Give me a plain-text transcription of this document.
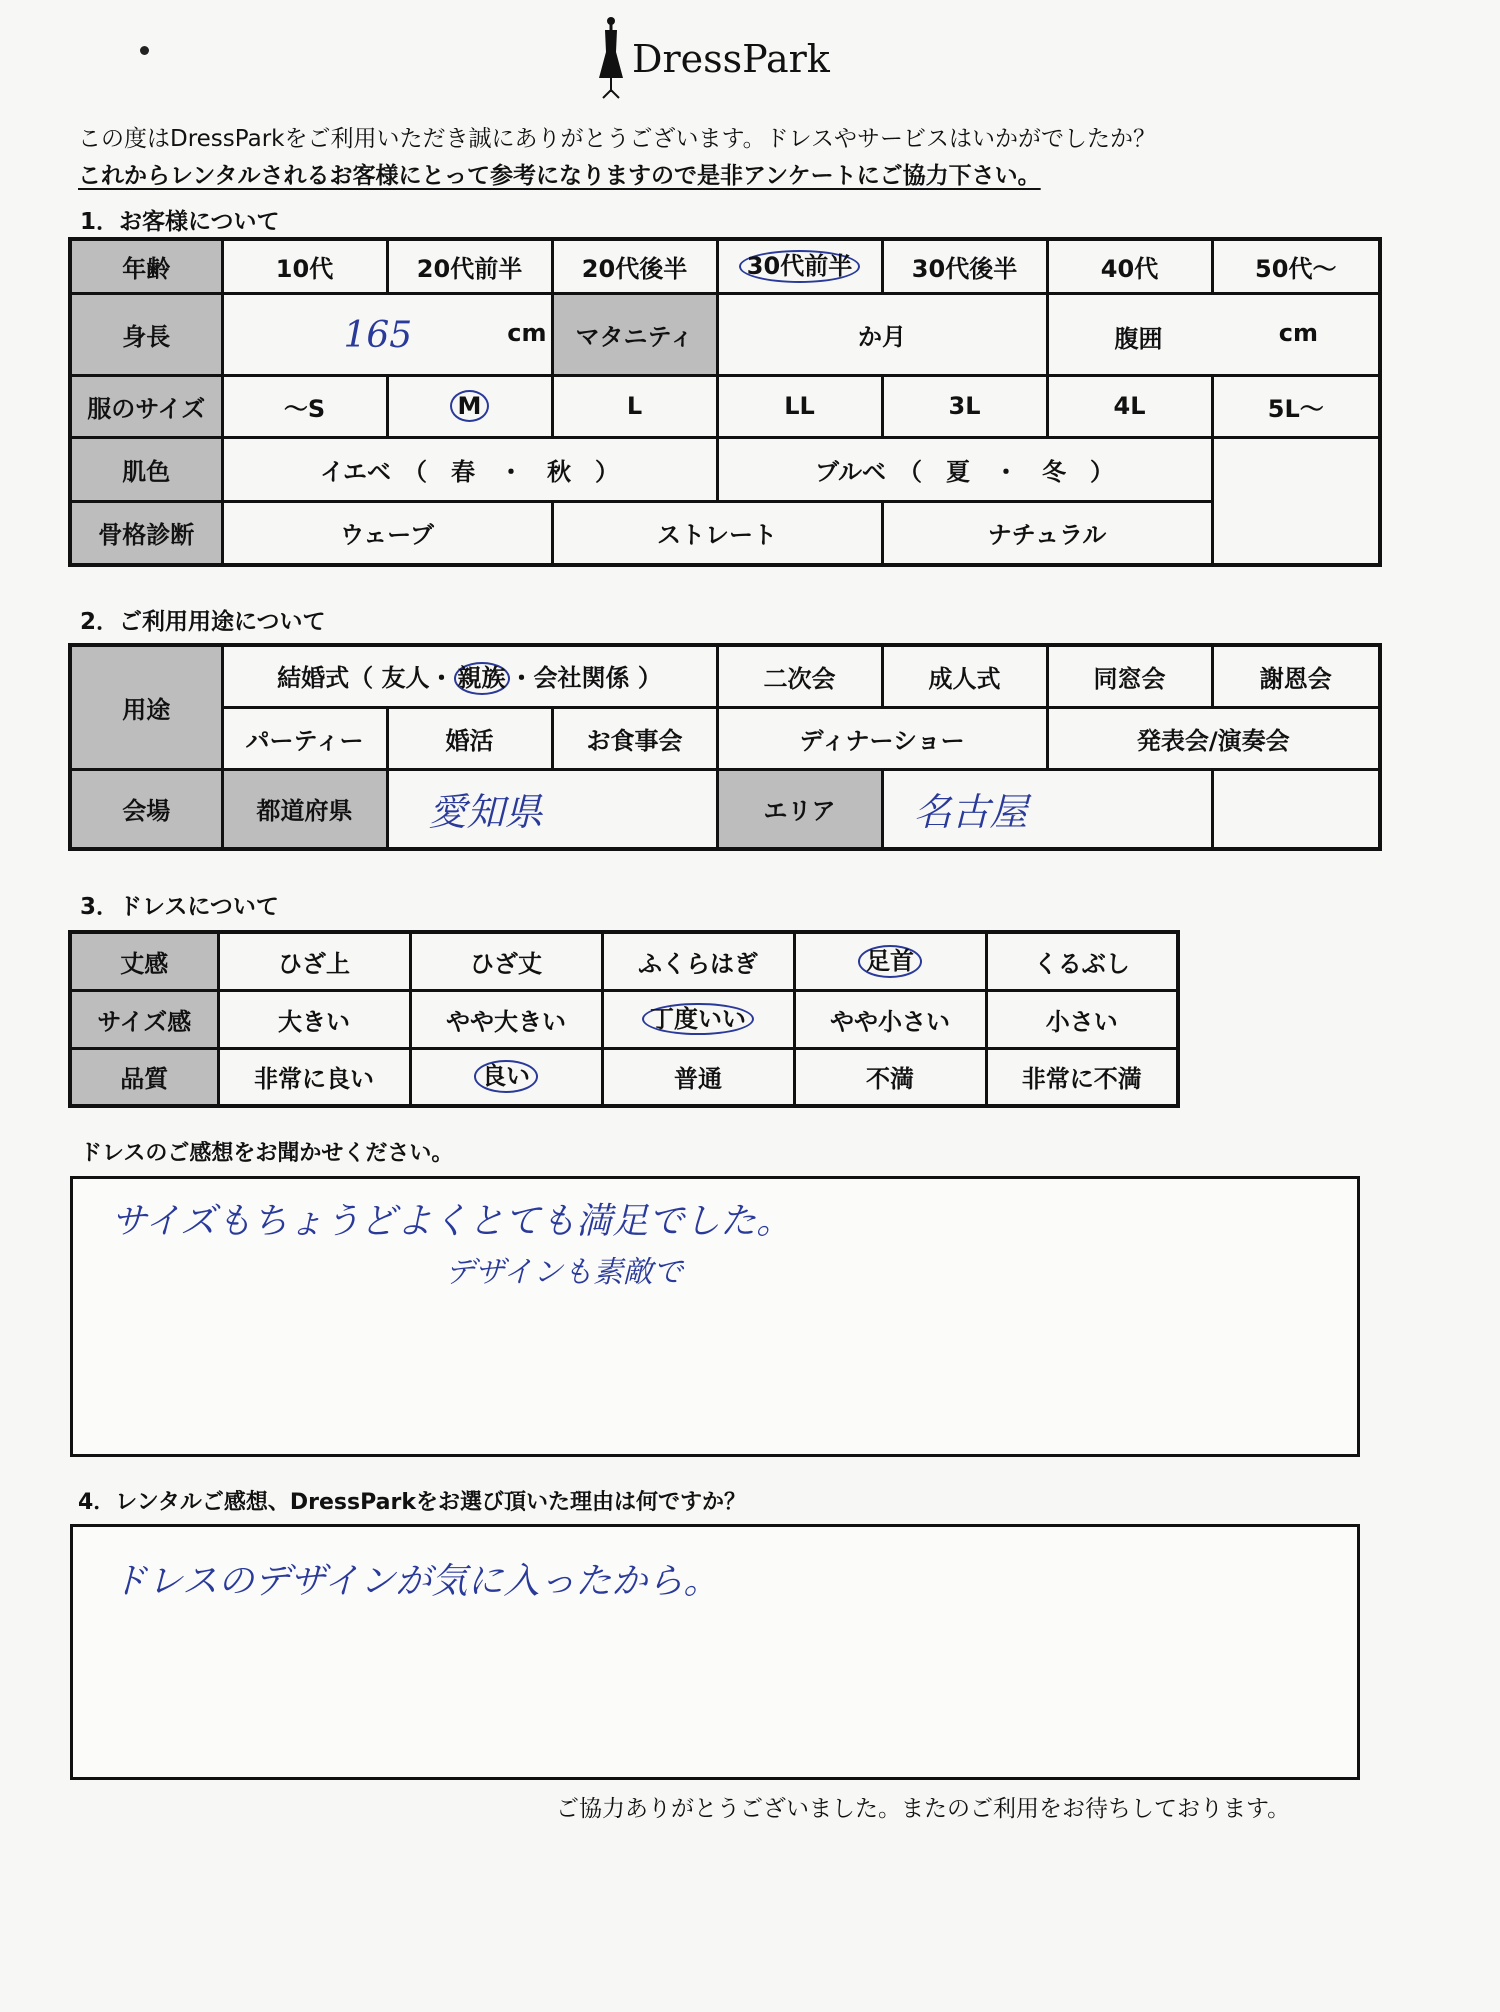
DressPark
この度はDressParkをご利用いただき誠にありがとうございます。ドレスやサービスはいかがでしたか？
これからレンタルされるお客様にとって参考になりますので是非アンケートにご協力下さい。
1．お客様について
年齢	10代	20代前半	20代後半	30代前半	30代後半	40代	50代～
身長	165 cm		マタニティ	か月		腹囲 cm	

服のサイズ	～S	M	L	LL	3L	4L	5L～
肌色	イエベ　（　春　・　秋　）			ブルベ　（　夏　・　冬　）			
骨格診断	ウェーブ		ストレート		ナチュラル		
2．ご利用用途について
用途	結婚式（ 友人・ 親族 ・会社関係 ）			二次会	成人式	同窓会	謝恩会
	パーティー	婚活	お食事会	ディナーショー		発表会/演奏会	
会場	都道府県	愛知県		エリア	名古屋		
3．ドレスについて
丈感	ひざ上	ひざ丈	ふくらはぎ	足首	くるぶし
サイズ感	大きい	やや大きい	丁度いい	やや小さい	小さい
品質	非常に良い	良い	普通	不満	非常に不満
ドレスのご感想をお聞かせください。
サイズもちょうどよくとても満足でした。
デザインも素敵で
4．レンタルご感想、DressParkをお選び頂いた理由は何ですか？
ドレスのデザインが気に入ったから。
ご協力ありがとうございました。またのご利用をお待ちしております。
